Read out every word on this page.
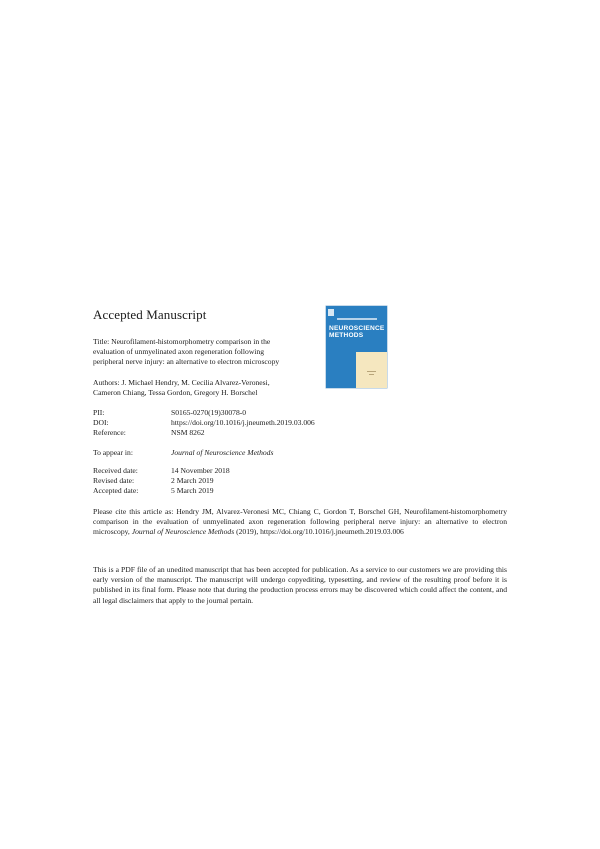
Accepted Manuscript
NEUROSCIENCE
METHODS
Title: Neurofilament-histomorphometry comparison in the
evaluation of unmyelinated axon regeneration following
peripheral nerve injury: an alternative to electron microscopy
Authors: J. Michael Hendry, M. Cecilia Alvarez-Veronesi,
Cameron Chiang, Tessa Gordon, Gregory H. Borschel
PII:	S0165-0270(19)30078-0
DOI:	https://doi.org/10.1016/j.jneumeth.2019.03.006
Reference:	NSM 8262
To appear in:	Journal of Neuroscience Methods
Received date:	14 November 2018
Revised date:	2 March 2019
Accepted date:	5 March 2019
Please cite this article as: Hendry JM, Alvarez-Veronesi MC, Chiang C, Gordon T, Borschel GH, Neurofilament-histomorphometry comparison in the evaluation of unmyelinated axon regeneration following peripheral nerve injury: an alternative to electron microscopy, Journal of Neuroscience Methods (2019), https://doi.org/10.1016/j.jneumeth.2019.03.006
This is a PDF file of an unedited manuscript that has been accepted for publication. As a service to our customers we are providing this early version of the manuscript. The manuscript will undergo copyediting, typesetting, and review of the resulting proof before it is published in its final form. Please note that during the production process errors may be discovered which could affect the content, and all legal disclaimers that apply to the journal pertain.
